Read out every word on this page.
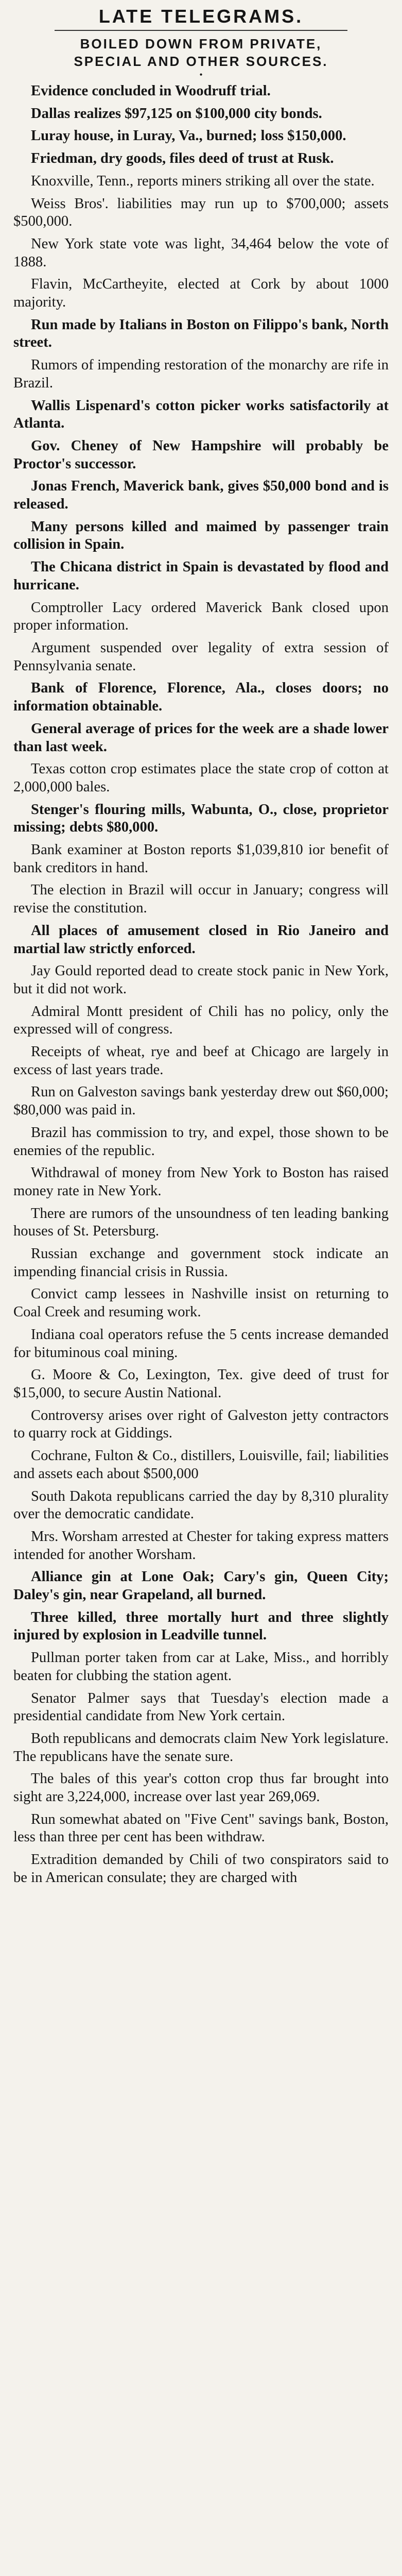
LATE TELEGRAMS.

BOILED DOWN FROM PRIVATE,

SPECIAL AND OTHER SOURCES.

•

Evidence concluded in Woodruff trial.

Dallas realizes $97,125 on $100,000 city bonds.

Luray house, in Luray, Va., burned; loss $150,000.

Friedman, dry goods, files deed of trust at Rusk.

Knoxville, Tenn., reports miners striking all over the state.

Weiss Bros'. liabilities may run up to $700,000; assets $500,000.

New York state vote was light, 34,464 below the vote of 1888.

Flavin, McCartheyite, elected at Cork by about 1000 majority.

Run made by Italians in Boston on Filippo's bank, North street.

Rumors of impending restoration of the monarchy are rife in Brazil.

Wallis Lispenard's cotton picker works satisfactorily at Atlanta.

Gov. Cheney of New Hampshire will probably be Proctor's successor.

Jonas French, Maverick bank, gives $50,000 bond and is released.

Many persons killed and maimed by passenger train collision in Spain.

The Chicana district in Spain is devastated by flood and hurricane.

Comptroller Lacy ordered Maverick Bank closed upon proper information.

Argument suspended over legality of extra session of Pennsylvania senate.

Bank of Florence, Florence, Ala., closes doors; no information obtainable.

General average of prices for the week are a shade lower than last week.

Texas cotton crop estimates place the state crop of cotton at 2,000,000 bales.

Stenger's flouring mills, Wabunta, O., close, proprietor missing; debts $80,000.

Bank examiner at Boston reports $1,039,810 ior benefit of bank creditors in hand.

The election in Brazil will occur in January; congress will revise the constitution.

All places of amusement closed in Rio Janeiro and martial law strictly enforced.

Jay Gould reported dead to create stock panic in New York, but it did not work.

Admiral Montt president of Chili has no policy, only the expressed will of congress.

Receipts of wheat, rye and beef at Chicago are largely in excess of last years trade.

Run on Galveston savings bank yesterday drew out $60,000; $80,000 was paid in.

Brazil has commission to try, and expel, those shown to be enemies of the republic.

Withdrawal of money from New York to Boston has raised money rate in New York.

There are rumors of the unsoundness of ten leading banking houses of St. Petersburg.

Russian exchange and government stock indicate an impending financial crisis in Russia.

Convict camp lessees in Nashville insist on returning to Coal Creek and resuming work.

Indiana coal operators refuse the 5 cents increase demanded for bituminous coal mining.

G. Moore & Co, Lexington, Tex. give deed of trust for $15,000, to secure Austin National.

Controversy arises over right of Galveston jetty contractors to quarry rock at Giddings.

Cochrane, Fulton & Co., distillers, Louisville, fail; liabilities and assets each about $500,000

South Dakota republicans carried the day by 8,310 plurality over the democratic candidate.

Mrs. Worsham arrested at Chester for taking express matters intended for another Worsham.

Alliance gin at Lone Oak; Cary's gin, Queen City; Daley's gin, near Grapeland, all burned.

Three killed, three mortally hurt and three slightly injured by explosion in Leadville tunnel.

Pullman porter taken from car at Lake, Miss., and horribly beaten for clubbing the station agent.

Senator Palmer says that Tuesday's election made a presidential candidate from New York certain.

Both republicans and democrats claim New York legislature. The republicans have the senate sure.

The bales of this year's cotton crop thus far brought into sight are 3,224,000, increase over last year 269,069.

Run somewhat abated on "Five Cent" savings bank, Boston, less than three per cent has been withdraw.

Extradition demanded by Chili of two conspirators said to be in American consulate; they are charged with
